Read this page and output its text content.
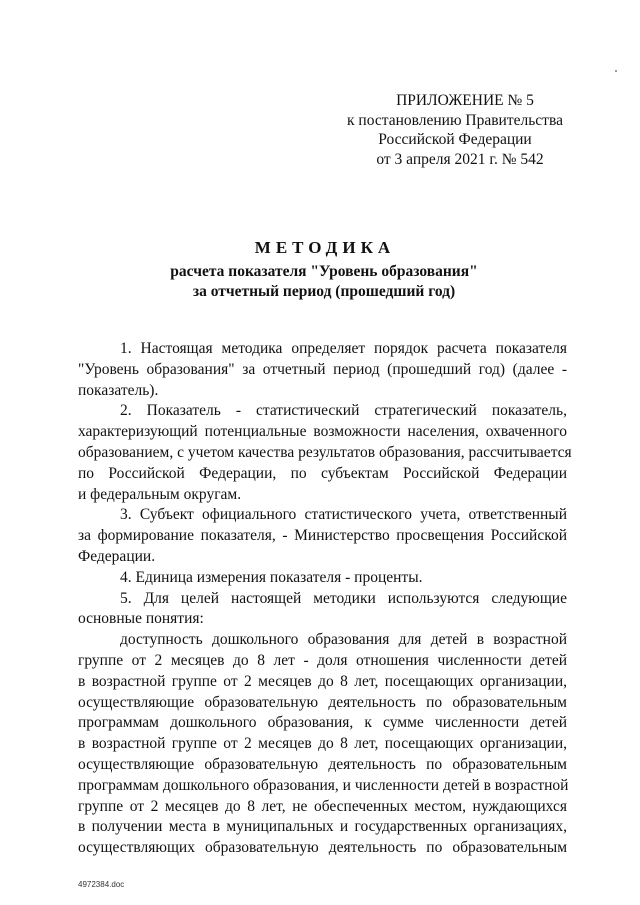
ПРИЛОЖЕНИЕ № 5
к постановлению Правительства
Российской Федерации
от 3 апреля 2021 г. № 542
МЕТОДИКА
расчета показателя "Уровень образования"
за отчетный период (прошедший год)
1. Настоящая методика определяет порядок расчета показателя
"Уровень образования" за отчетный период (прошедший год) (далее -
показатель).
2. Показатель - статистический стратегический показатель,
характеризующий потенциальные возможности населения, охваченного
образованием, с учетом качества результатов образования, рассчитывается
по Российской Федерации, по субъектам Российской Федерации
и федеральным округам.
3. Субъект официального статистического учета, ответственный
за формирование показателя, - Министерство просвещения Российской
Федерации.
4. Единица измерения показателя - проценты.
5. Для целей настоящей методики используются следующие
основные понятия:
доступность дошкольного образования для детей в возрастной
группе от 2 месяцев до 8 лет - доля отношения численности детей
в возрастной группе от 2 месяцев до 8 лет, посещающих организации,
осуществляющие образовательную деятельность по образовательным
программам дошкольного образования, к сумме численности детей
в возрастной группе от 2 месяцев до 8 лет, посещающих организации,
осуществляющие образовательную деятельность по образовательным
программам дошкольного образования, и численности детей в возрастной
группе от 2 месяцев до 8 лет, не обеспеченных местом, нуждающихся
в получении места в муниципальных и государственных организациях,
осуществляющих образовательную деятельность по образовательным
4972384.doc
